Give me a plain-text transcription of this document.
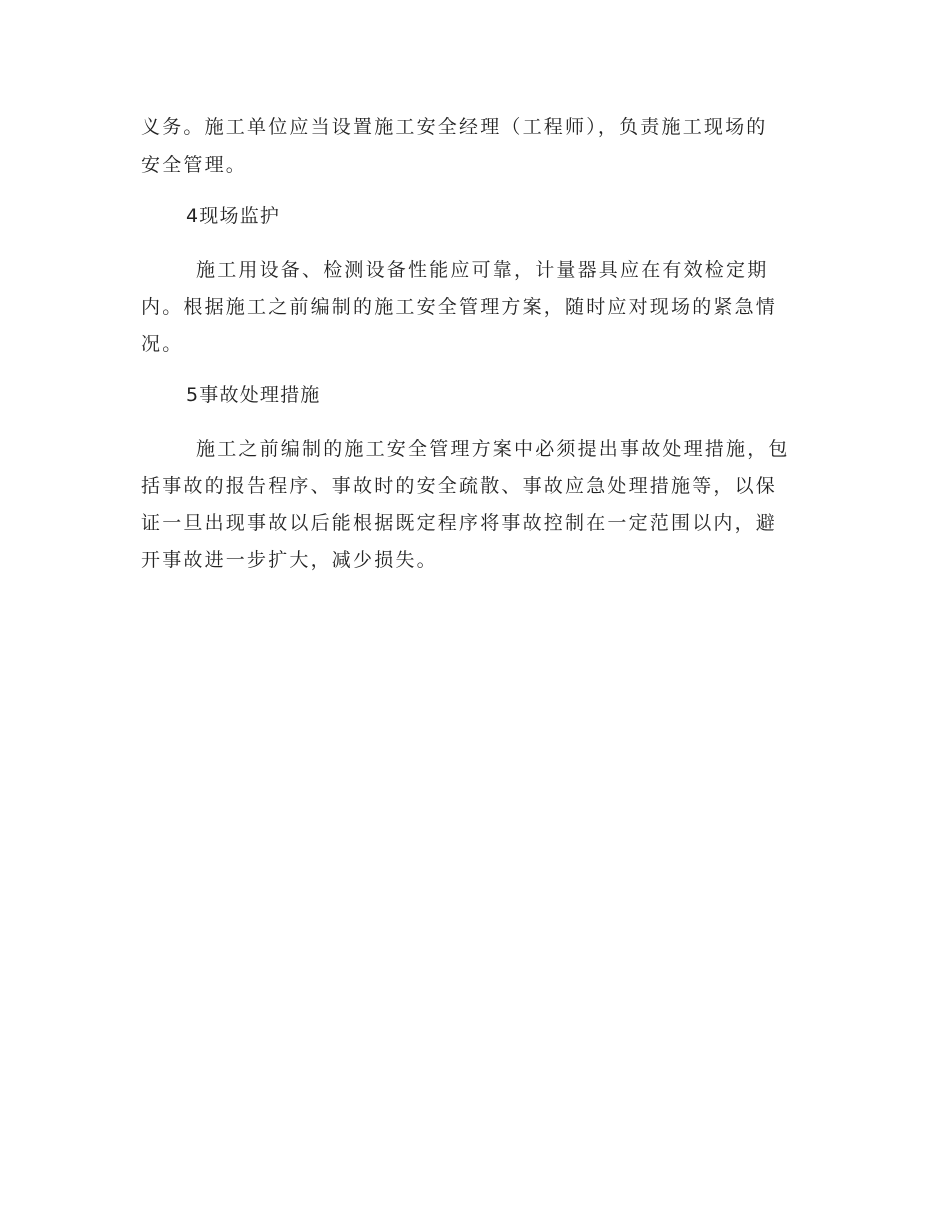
义务。施工单位应当设置施工安全经理（工程师），负责施工现场的

安全管理。

4现场监护

施工用设备、检测设备性能应可靠，计量器具应在有效检定期

内。根据施工之前编制的施工安全管理方案，随时应对现场的紧急情

况。

5事故处理措施

施工之前编制的施工安全管理方案中必须提出事故处理措施，包

括事故的报告程序、事故时的安全疏散、事故应急处理措施等，以保

证一旦出现事故以后能根据既定程序将事故控制在一定范围以内，避

开事故进一步扩大，减少损失。
